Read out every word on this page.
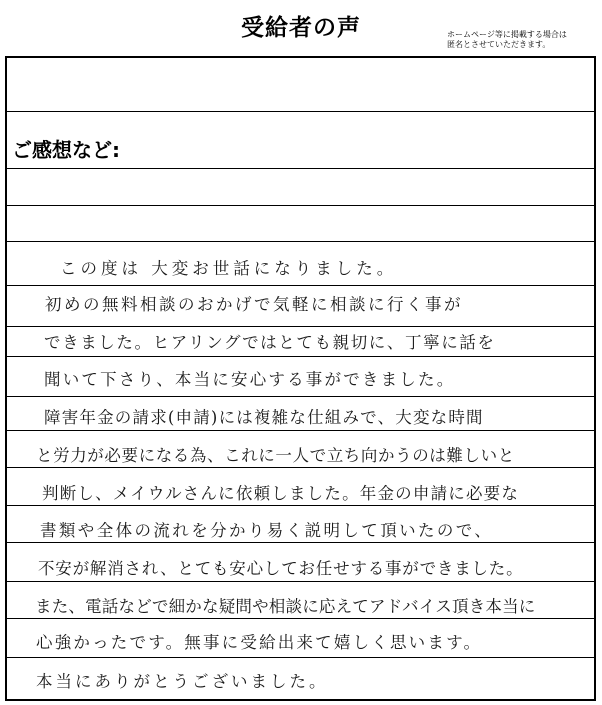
受給者の声	ホームページ等に掲載する場合は
匿名とさせていただきます。
ご感想など:
この度は 大変お世話になりました。
初めの無料相談のおかげで気軽に相談に行く事が
できました。ヒアリングではとても親切に、丁寧に話を
聞いて下さり、本当に安心する事ができました。
障害年金の請求(申請)には複雑な仕組みで、大変な時間
と労力が必要になる為、これに一人で立ち向かうのは難しいと
判断し、メイウルさんに依頼しました。年金の申請に必要な
書類や全体の流れを分かり易く説明して頂いたので、
不安が解消され、とても安心してお任せする事ができました。
また、電話などで細かな疑問や相談に応えてアドバイス頂き本当に
心強かったです。無事に受給出来て嬉しく思います。
本当にありがとうございました。
